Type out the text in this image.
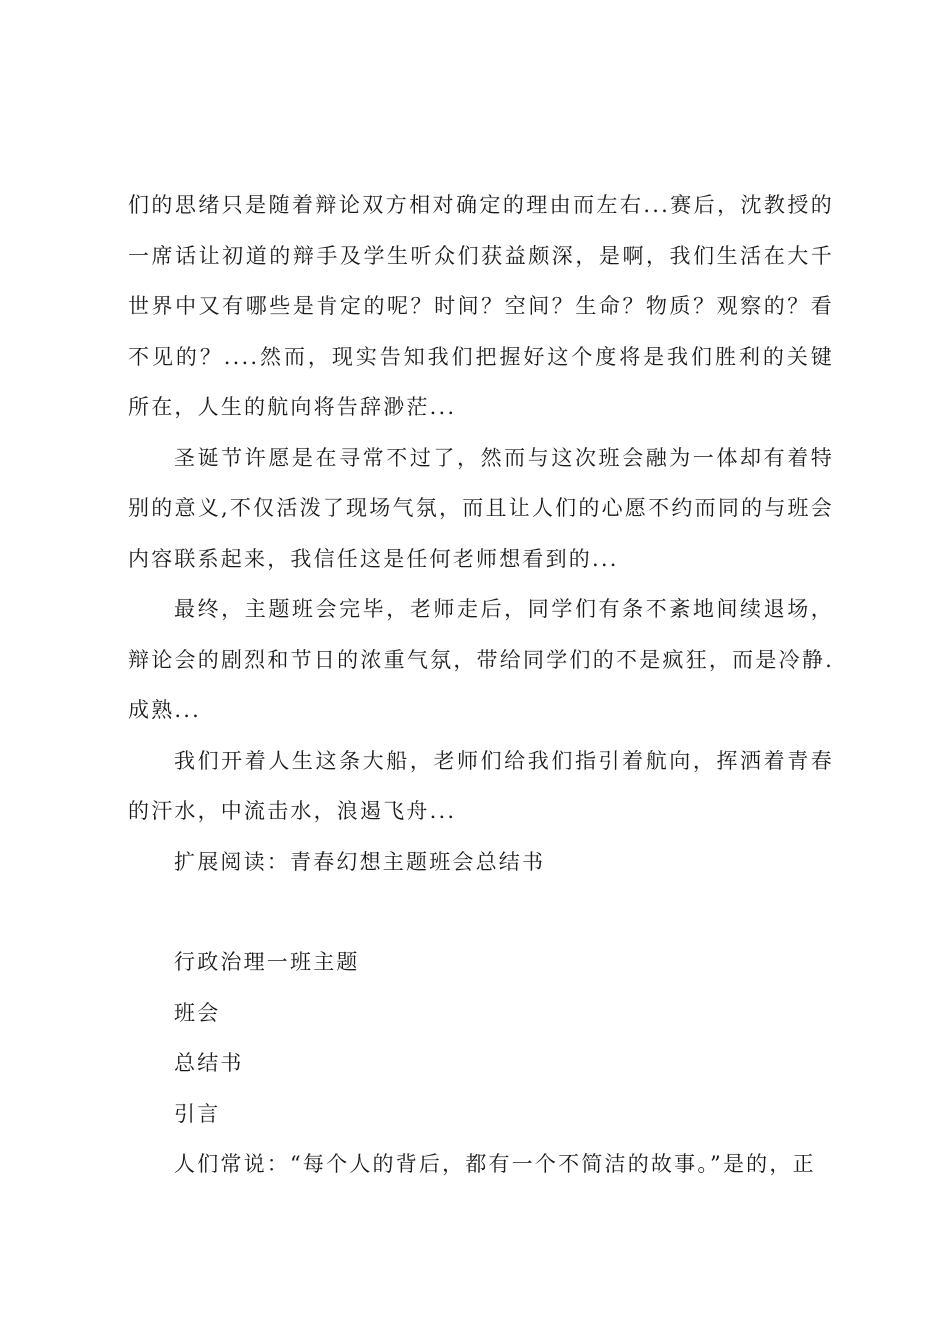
们的思绪只是随着辩论双方相对确定的理由而左右...赛后，沈教授的一席话让初道的辩手及学生听众们获益颇深，是啊，我们生活在大千世界中又有哪些是肯定的呢？时间？空间？生命？物质？观察的？看不见的？....然而，现实告知我们把握好这个度将是我们胜利的关键所在，人生的航向将告辞渺茫...

圣诞节许愿是在寻常不过了，然而与这次班会融为一体却有着特别的意义,不仅活泼了现场气氛，而且让人们的心愿不约而同的与班会内容联系起来，我信任这是任何老师想看到的...

最终，主题班会完毕，老师走后，同学们有条不紊地间续退场，辩论会的剧烈和节日的浓重气氛，带给同学们的不是疯狂，而是冷静.成熟...

我们开着人生这条大船，老师们给我们指引着航向，挥洒着青春的汗水，中流击水，浪遏飞舟...

扩展阅读：青春幻想主题班会总结书

行政治理一班主题

班会

总结书

引言

人们常说：“每个人的背后，都有一个不简洁的故事。”是的，正
